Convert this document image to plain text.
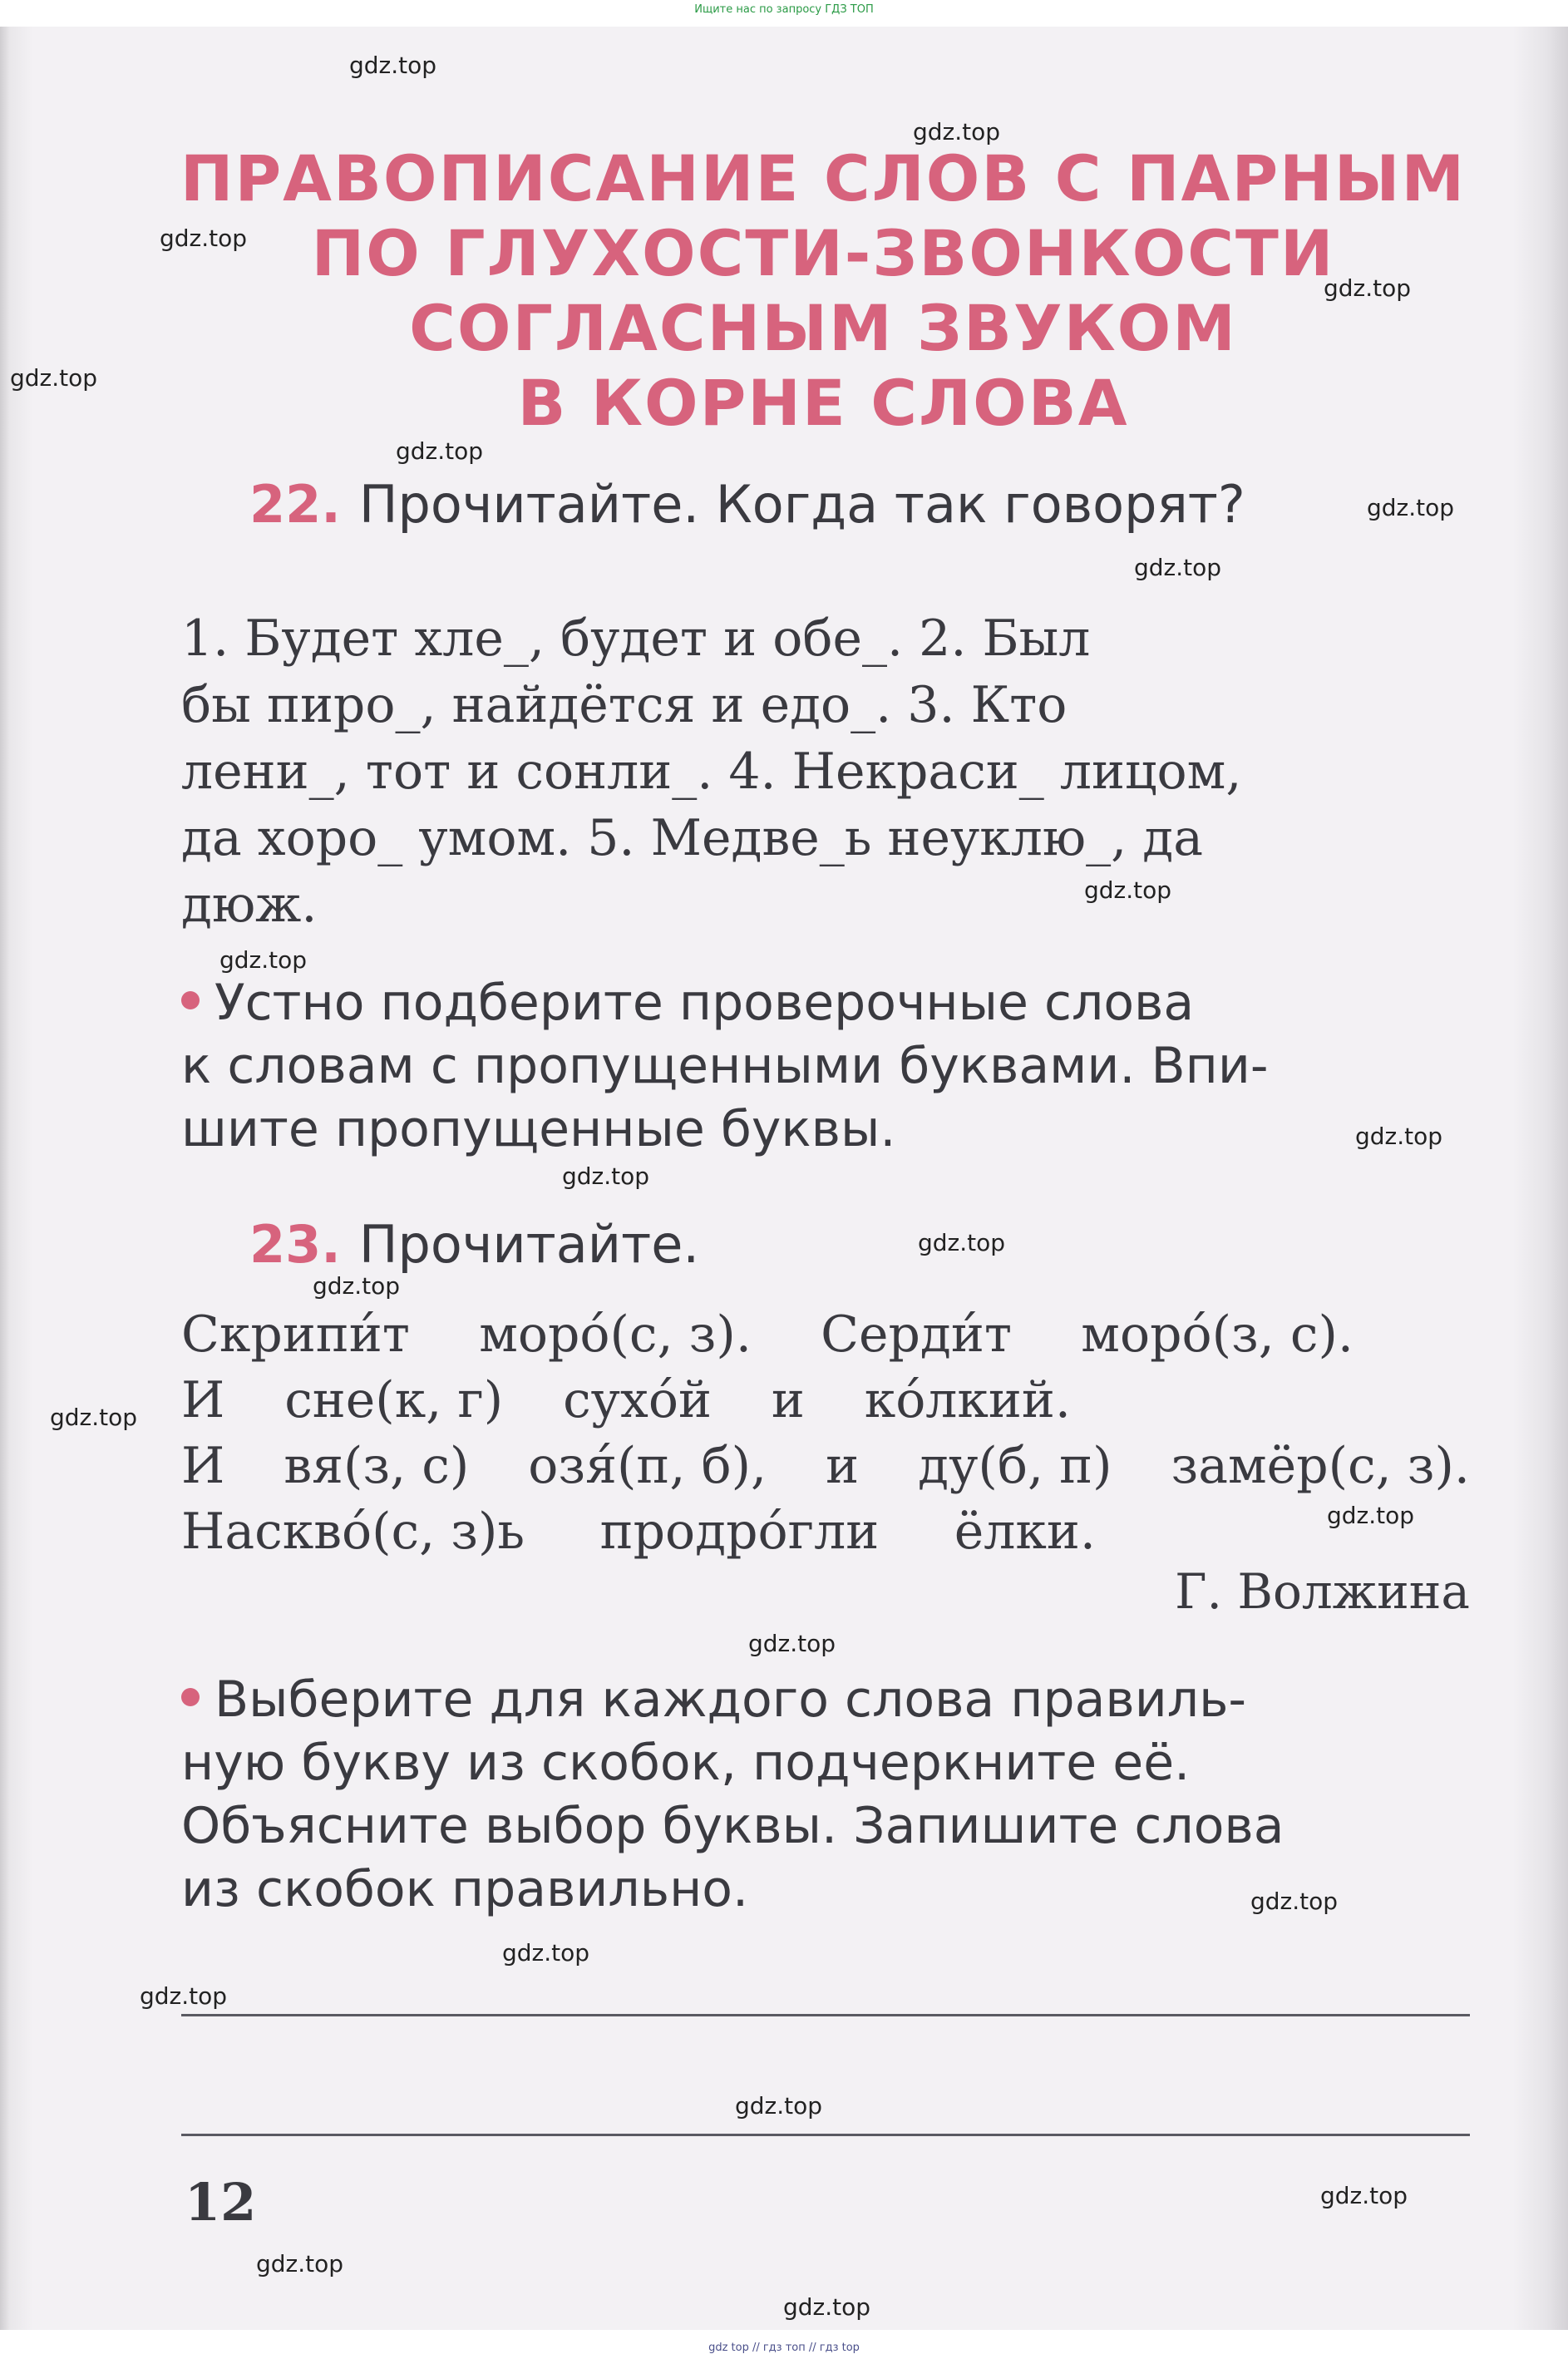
Ищите нас по запросу ГДЗ ТОП
ПРАВОПИСАНИЕ СЛОВ С ПАРНЫМ
ПО ГЛУХОСТИ-ЗВОНКОСТИ
СОГЛАСНЫМ ЗВУКОМ
В КОРНЕ СЛОВА
22. Прочитайте. Когда так говорят?
1. Будет хле_, будет и обе_. 2. Был
бы пиро_, найдётся и едо_. 3. Кто
лени_, тот и сонли_. 4. Некраси_ лицом,
да хоро_ умом. 5. Медве_ь неуклю_, да
дюж.
Устно подберите проверочные слова
к словам с пропущенными буквами. Впи-
шите пропущенные буквы.
23. Прочитайте.
Скрипи́т моро́(с, з). Серди́т моро́(з, с).
И сне(к, г) сухо́й и ко́лкий.
И вя(з, с) озя́(п, б), и ду(б, п) замёр(с, з).
Наскво́(с, з)ь продро́гли ёлки.
Г. Волжина
Выберите для каждого слова правиль-
ную букву из скобок, подчеркните её.
Объясните выбор буквы. Запишите слова
из скобок правильно.
12
gdz.top
gdz.top
gdz.top
gdz.top
gdz.top
gdz.top
gdz.top
gdz.top
gdz.top
gdz.top
gdz.top
gdz.top
gdz.top
gdz.top
gdz.top
gdz.top
gdz.top
gdz.top
gdz.top
gdz.top
gdz.top
gdz.top
gdz.top
gdz.top
gdz top // гдз топ // гдз top
